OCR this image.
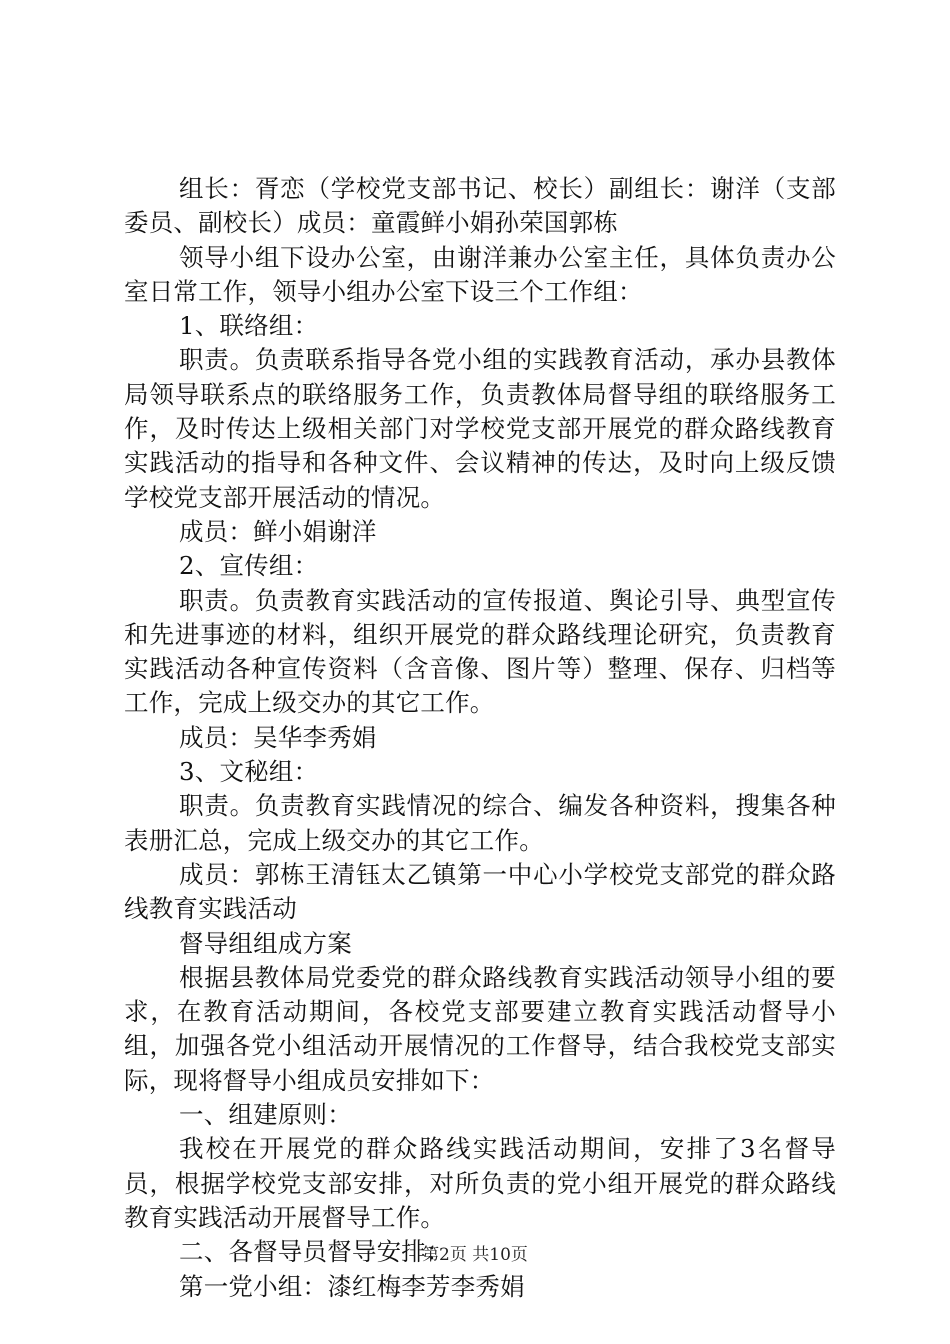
组长：胥恋（学校党支部书记、校长）副组长：谢洋（支部委员、副校长）成员：童霞鲜小娟孙荣国郭栋

领导小组下设办公室，由谢洋兼办公室主任，具体负责办公室日常工作，领导小组办公室下设三个工作组：

1、联络组：

职责。负责联系指导各党小组的实践教育活动，承办县教体局领导联系点的联络服务工作，负责教体局督导组的联络服务工作，及时传达上级相关部门对学校党支部开展党的群众路线教育实践活动的指导和各种文件、会议精神的传达，及时向上级反馈学校党支部开展活动的情况。

成员：鲜小娟谢洋

2、宣传组：

职责。负责教育实践活动的宣传报道、舆论引导、典型宣传和先进事迹的材料，组织开展党的群众路线理论研究，负责教育实践活动各种宣传资料（含音像、图片等）整理、保存、归档等工作，完成上级交办的其它工作。

成员：吴华李秀娟

3、文秘组：

职责。负责教育实践情况的综合、编发各种资料，搜集各种表册汇总，完成上级交办的其它工作。

成员：郭栋王清钰太乙镇第一中心小学校党支部党的群众路线教育实践活动

督导组组成方案

根据县教体局党委党的群众路线教育实践活动领导小组的要求，在教育活动期间，各校党支部要建立教育实践活动督导小组，加强各党小组活动开展情况的工作督导，结合我校党支部实际，现将督导小组成员安排如下：

一、组建原则：

我校在开展党的群众路线实践活动期间，安排了3名督导员，根据学校党支部安排，对所负责的党小组开展党的群众路线教育实践活动开展督导工作。

二、各督导员督导安排：

第一党小组：漆红梅李芳李秀娟

第2页 共10页
